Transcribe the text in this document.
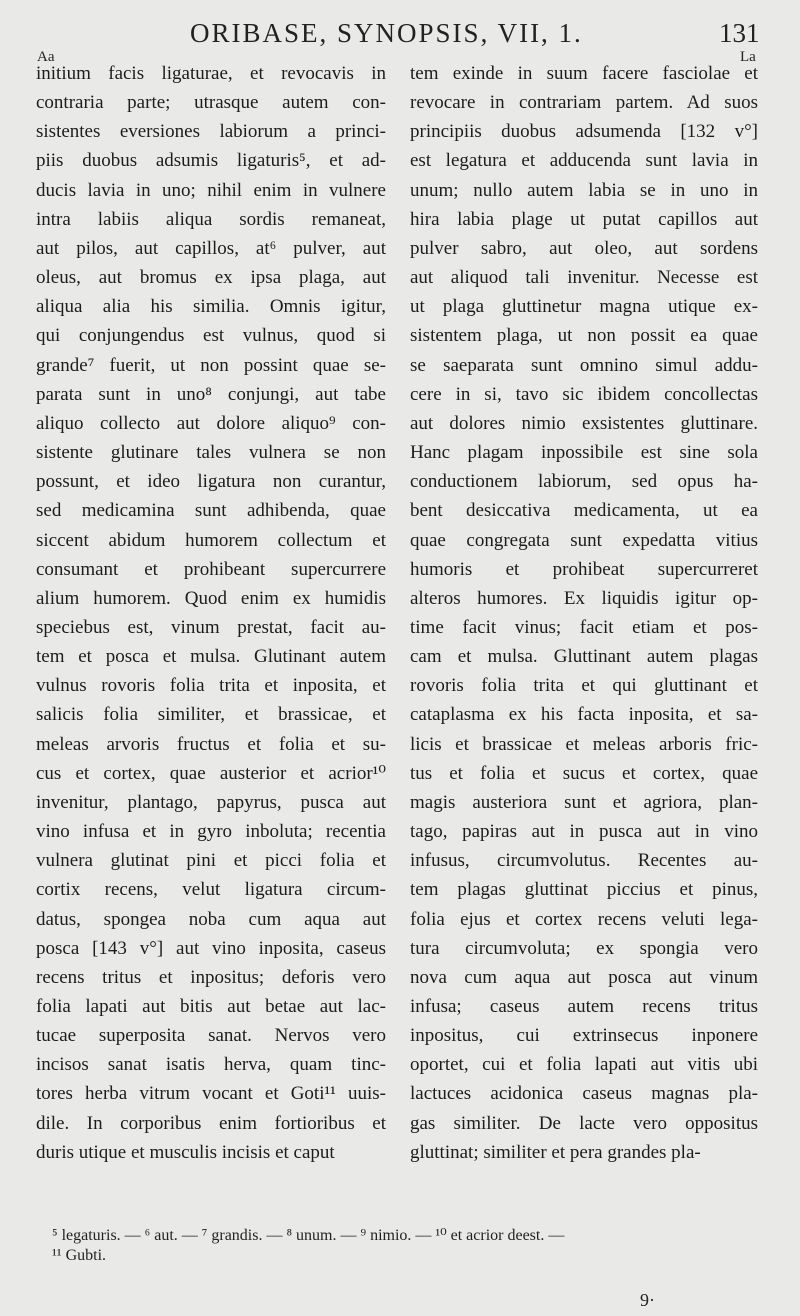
ORIBASE, SYNOPSIS, VII, 1.	131
Aa	La
initium facis ligaturae, et revocavis in
contraria parte; utrasque autem con-
sistentes eversiones labiorum a princi-
piis duobus adsumis ligaturis⁵, et ad-
ducis lavia in uno; nihil enim in vulnere
intra labiis aliqua sordis remaneat,
aut pilos, aut capillos, at⁶ pulver, aut
oleus, aut bromus ex ipsa plaga, aut
aliqua alia his similia. Omnis igitur,
qui conjungendus est vulnus, quod si
grande⁷ fuerit, ut non possint quae se-
parata sunt in uno⁸ conjungi, aut tabe
aliquo collecto aut dolore aliquo⁹ con-
sistente glutinare tales vulnera se non
possunt, et ideo ligatura non curantur,
sed medicamina sunt adhibenda, quae
siccent abidum humorem collectum et
consumant et prohibeant supercurrere
alium humorem. Quod enim ex humidis
speciebus est, vinum prestat, facit au-
tem et posca et mulsa. Glutinant autem
vulnus rovoris folia trita et inposita, et
salicis folia similiter, et brassicae, et
meleas arvoris fructus et folia et su-
cus et cortex, quae austerior et acrior¹⁰
invenitur, plantago, papyrus, pusca aut
vino infusa et in gyro inboluta; recentia
vulnera glutinat pini et picci folia et
cortix recens, velut ligatura circum-
datus, spongea noba cum aqua aut
posca [143 v°] aut vino inposita, caseus
recens tritus et inpositus; deforis vero
folia lapati aut bitis aut betae aut lac-
tucae superposita sanat. Nervos vero
incisos sanat isatis herva, quam tinc-
tores herba vitrum vocant et Goti¹¹ uuis-
dile. In corporibus enim fortioribus et
duris utique et musculis incisis et caput
tem exinde in suum facere fasciolae et
revocare in contrariam partem. Ad suos
principiis duobus adsumenda [132 v°]
est legatura et adducenda sunt lavia in
unum; nullo autem labia se in uno in
hira labia plage ut putat capillos aut
pulver sabro, aut oleo, aut sordens
aut aliquod tali invenitur. Necesse est
ut plaga gluttinetur magna utique ex-
sistentem plaga, ut non possit ea quae
se saeparata sunt omnino simul addu-
cere in si, tavo sic ibidem concollectas
aut dolores nimio exsistentes gluttinare.
Hanc plagam inpossibile est sine sola
conductionem labiorum, sed opus ha-
bent desiccativa medicamenta, ut ea
quae congregata sunt expedatta vitius
humoris et prohibeat supercurreret
alteros humores. Ex liquidis igitur op-
time facit vinus; facit etiam et pos-
cam et mulsa. Gluttinant autem plagas
rovoris folia trita et qui gluttinant et
cataplasma ex his facta inposita, et sa-
licis et brassicae et meleas arboris fric-
tus et folia et sucus et cortex, quae
magis austeriora sunt et agriora, plan-
tago, papiras aut in pusca aut in vino
infusus, circumvolutus. Recentes au-
tem plagas gluttinat piccius et pinus,
folia ejus et cortex recens veluti lega-
tura circumvoluta; ex spongia vero
nova cum aqua aut posca aut vinum
infusa; caseus autem recens tritus
inpositus, cui extrinsecus inponere
oportet, cui et folia lapati aut vitis ubi
lactuces acidonica caseus magnas pla-
gas similiter. De lacte vero oppositus
gluttinat; similiter et pera grandes pla-
⁵ legaturis. — ⁶ aut. — ⁷ grandis. — ⁸ unum. — ⁹ nimio. — ¹⁰ et acrior deest. —
¹¹ Gubti.
9·
